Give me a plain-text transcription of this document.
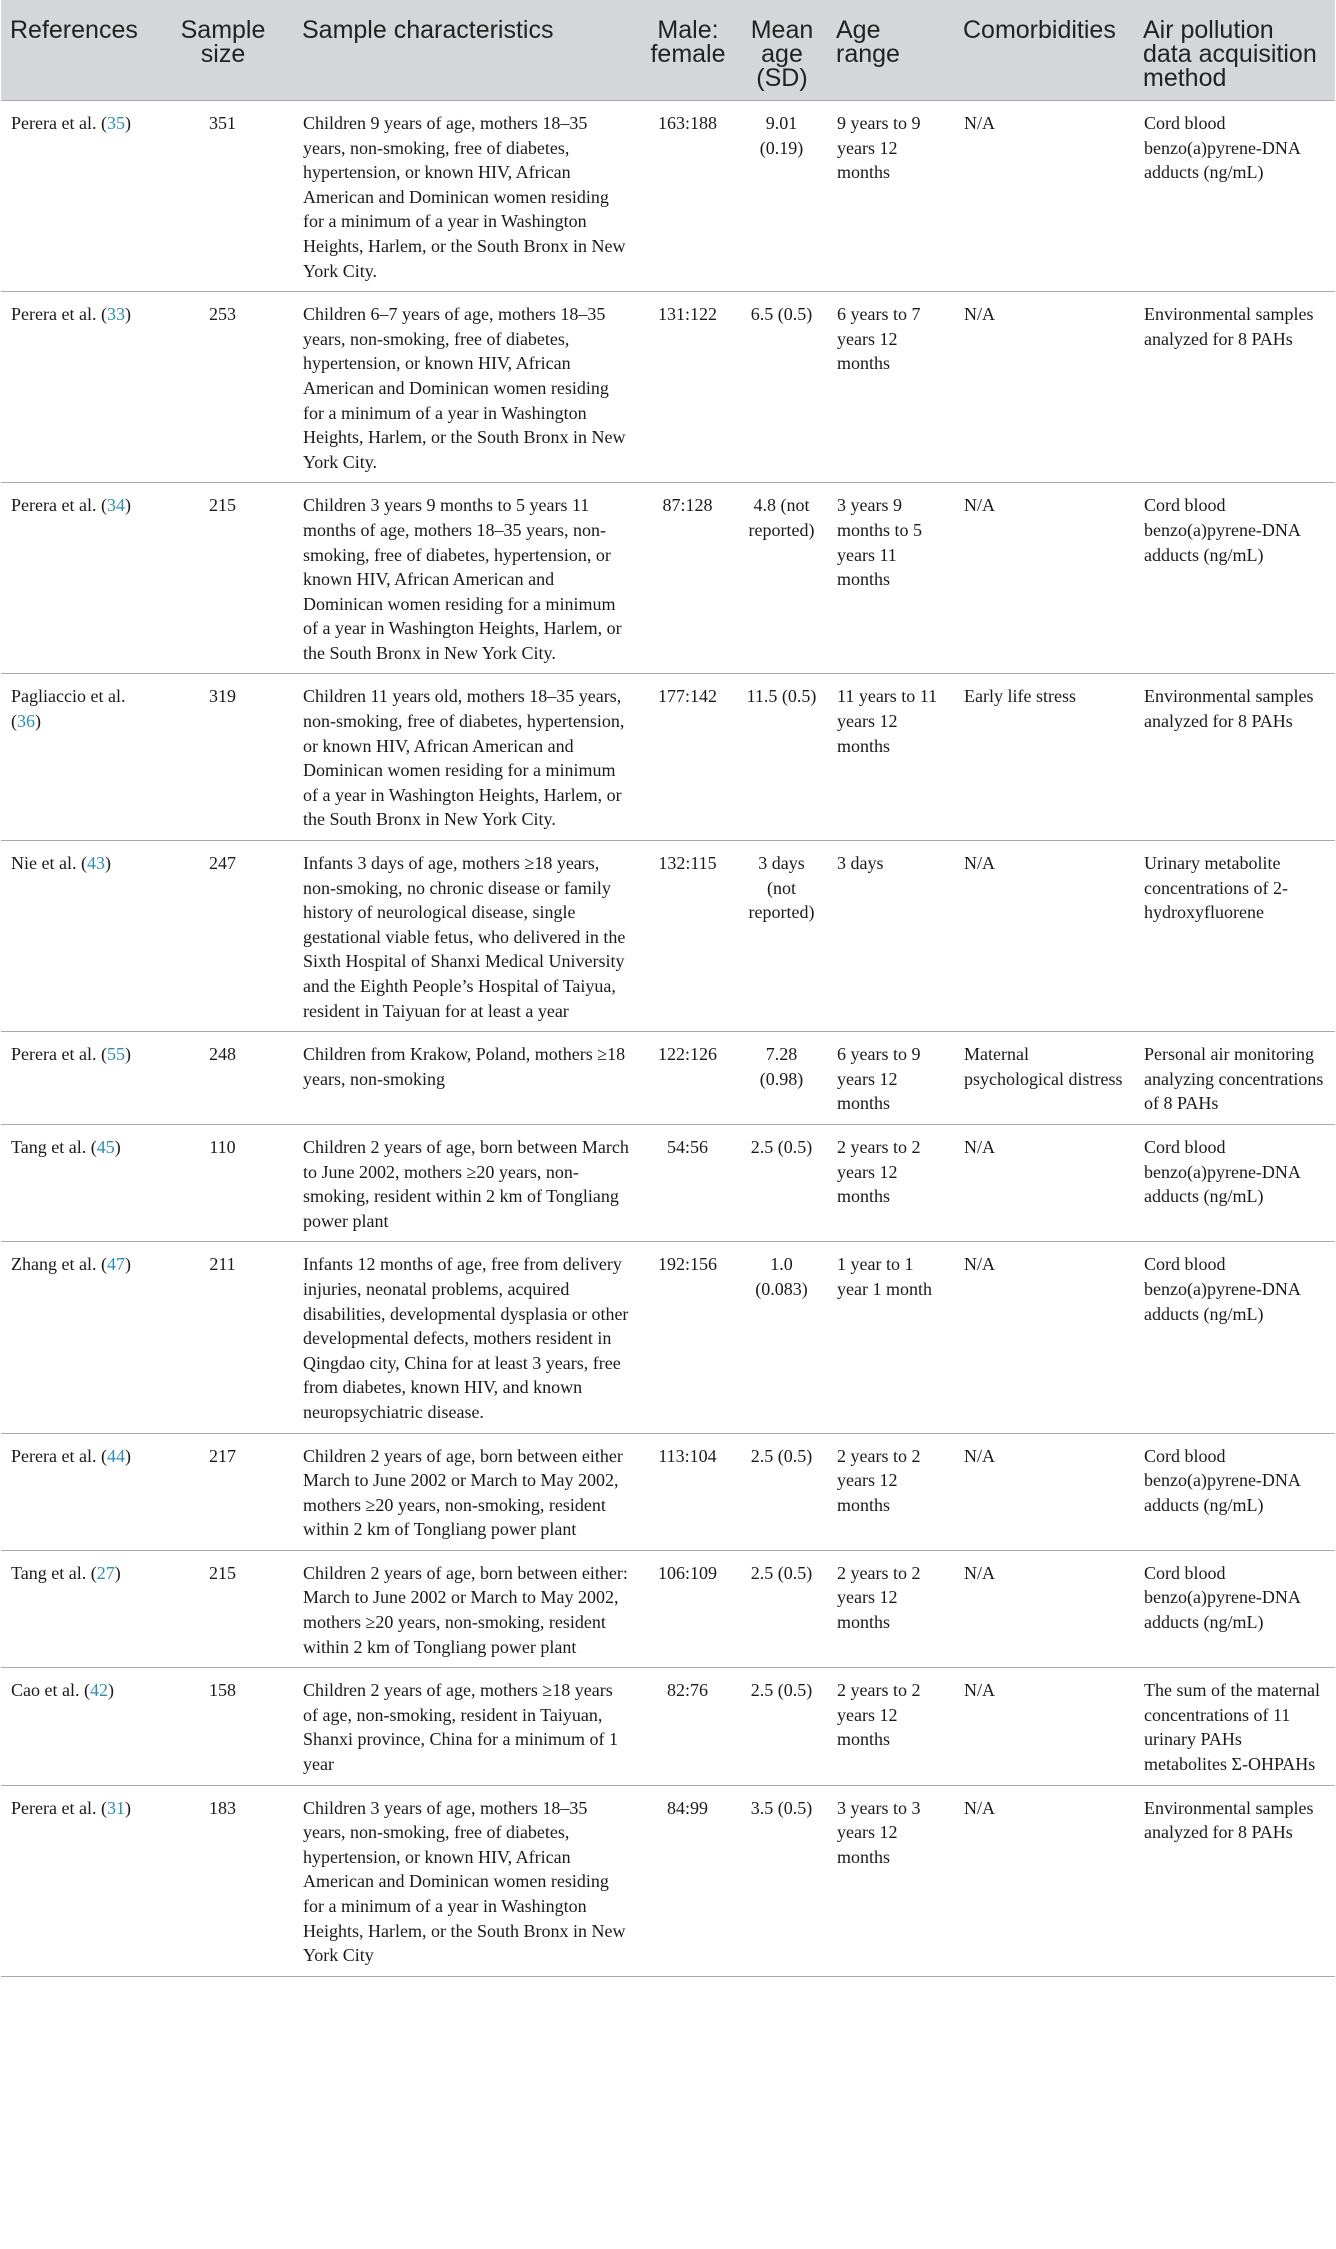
References	Sample size	Sample characteristics	Male: female	Mean age (SD)	Age range	Comorbidities	Air pollution data acquisition method
Perera et al. (35)	351	Children 9 years of age, mothers 18–35 years, non-smoking, free of diabetes, hypertension, or known HIV, African American and Dominican women residing for a minimum of a year in Washington Heights, Harlem, or the South Bronx in New York City.	163:188	9.01 (0.19)	9 years to 9 years 12 months	N/A	Cord blood benzo(a)pyrene-DNA adducts (ng/mL)
Perera et al. (33)	253	Children 6–7 years of age, mothers 18–35 years, non-smoking, free of diabetes, hypertension, or known HIV, African American and Dominican women residing for a minimum of a year in Washington Heights, Harlem, or the South Bronx in New York City.	131:122	6.5 (0.5)	6 years to 7 years 12 months	N/A	Environmental samples analyzed for 8 PAHs
Perera et al. (34)	215	Children 3 years 9 months to 5 years 11 months of age, mothers 18–35 years, non-smoking, free of diabetes, hypertension, or known HIV, African American and Dominican women residing for a minimum of a year in Washington Heights, Harlem, or the South Bronx in New York City.	87:128	4.8 (not reported)	3 years 9 months to 5 years 11 months	N/A	Cord blood benzo(a)pyrene-DNA adducts (ng/mL)
Pagliaccio et al. (36)	319	Children 11 years old, mothers 18–35 years, non-smoking, free of diabetes, hypertension, or known HIV, African American and Dominican women residing for a minimum of a year in Washington Heights, Harlem, or the South Bronx in New York City.	177:142	11.5 (0.5)	11 years to 11 years 12 months	Early life stress	Environmental samples analyzed for 8 PAHs
Nie et al. (43)	247	Infants 3 days of age, mothers ≥18 years, non-smoking, no chronic disease or family history of neurological disease, single gestational viable fetus, who delivered in the Sixth Hospital of Shanxi Medical University and the Eighth People’s Hospital of Taiyua, resident in Taiyuan for at least a year	132:115	3 days (not reported)	3 days	N/A	Urinary metabolite concentrations of 2-hydroxyfluorene
Perera et al. (55)	248	Children from Krakow, Poland, mothers ≥18 years, non-smoking	122:126	7.28 (0.98)	6 years to 9 years 12 months	Maternal psychological distress	Personal air monitoring analyzing concentrations of 8 PAHs
Tang et al. (45)	110	Children 2 years of age, born between March to June 2002, mothers ≥20 years, non-smoking, resident within 2 km of Tongliang power plant	54:56	2.5 (0.5)	2 years to 2 years 12 months	N/A	Cord blood benzo(a)pyrene-DNA adducts (ng/mL)
Zhang et al. (47)	211	Infants 12 months of age, free from delivery injuries, neonatal problems, acquired disabilities, developmental dysplasia or other developmental defects, mothers resident in Qingdao city, China for at least 3 years, free from diabetes, known HIV, and known neuropsychiatric disease.	192:156	1.0 (0.083)	1 year to 1 year 1 month	N/A	Cord blood benzo(a)pyrene-DNA adducts (ng/mL)
Perera et al. (44)	217	Children 2 years of age, born between either March to June 2002 or March to May 2002, mothers ≥20 years, non-smoking, resident within 2 km of Tongliang power plant	113:104	2.5 (0.5)	2 years to 2 years 12 months	N/A	Cord blood benzo(a)pyrene-DNA adducts (ng/mL)
Tang et al. (27)	215	Children 2 years of age, born between either: March to June 2002 or March to May 2002, mothers ≥20 years, non-smoking, resident within 2 km of Tongliang power plant	106:109	2.5 (0.5)	2 years to 2 years 12 months	N/A	Cord blood benzo(a)pyrene-DNA adducts (ng/mL)
Cao et al. (42)	158	Children 2 years of age, mothers ≥18 years of age, non-smoking, resident in Taiyuan, Shanxi province, China for a minimum of 1 year	82:76	2.5 (0.5)	2 years to 2 years 12 months	N/A	The sum of the maternal concentrations of 11 urinary PAHs metabolites Σ-OHPAHs
Perera et al. (31)	183	Children 3 years of age, mothers 18–35 years, non-smoking, free of diabetes, hypertension, or known HIV, African American and Dominican women residing for a minimum of a year in Washington Heights, Harlem, or the South Bronx in New York City	84:99	3.5 (0.5)	3 years to 3 years 12 months	N/A	Environmental samples analyzed for 8 PAHs
